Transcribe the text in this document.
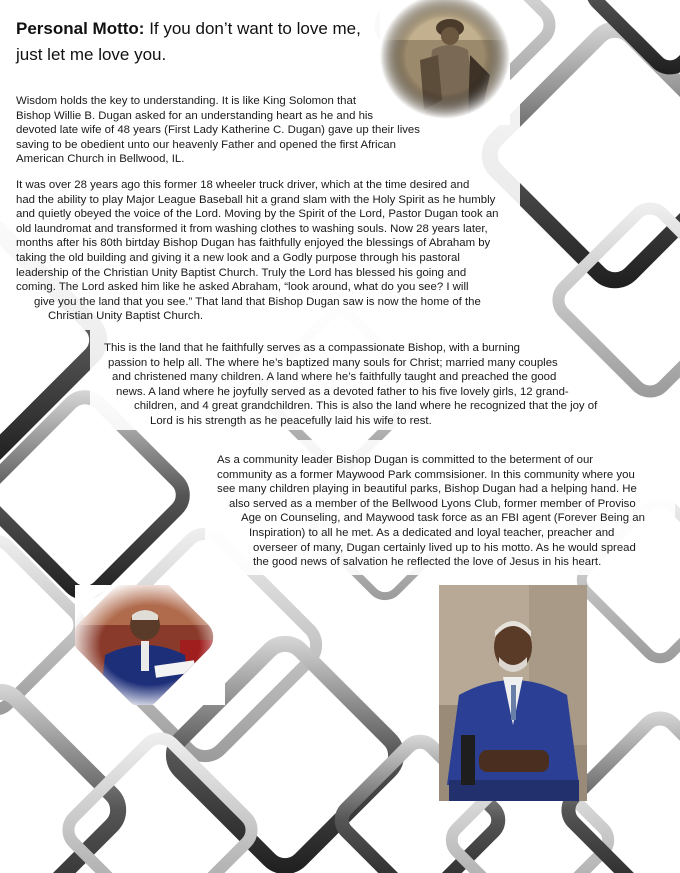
Personal Motto: If you don’t want to love me,
just let me love you.

Wisdom holds the key to understanding. It is like King Solomon that
Bishop Willie B. Dugan asked for an understanding heart as he and his
devoted late wife of 48 years (First Lady Katherine C. Dugan) gave up their lives
saving to be obedient unto our heavenly Father and opened the first African
American Church in Bellwood, IL.

It was over 28 years ago this former 18 wheeler truck driver, which at the time desired and
had the ability to play Major League Baseball hit a grand slam with the Holy Spirit as he humbly
and quietly obeyed the voice of the Lord. Moving by the Spirit of the Lord, Pastor Dugan took an
old laundromat and transformed it from washing clothes to washing souls. Now 28 years later,
months after his 80th birtday Bishop Dugan has faithfully enjoyed the blessings of Abraham by
taking the old building and giving it a new look and a Godly purpose through his pastoral
leadership of the Christian Unity Baptist Church. Truly the Lord has blessed his going and
coming. The Lord asked him like he asked Abraham, “look around, what do you see? I will
give you the land that you see.” That land that Bishop Dugan saw is now the home of the
Christian Unity Baptist Church.

This is the land that he faithfully serves as a compassionate Bishop, with a burning
passion to help all. The where he’s baptized many souls for Christ; married many couples
and christened many children. A land where he’s faithfully taught and preached the good
news. A land where he joyfully served as a devoted father to his five lovely girls, 12 grand-
children, and 4 great grandchildren. This is also the land where he recognized that the joy of
Lord is his strength as he peacefully laid his wife to rest.

As a community leader Bishop Dugan is committed to the beterment of our
community as a former Maywood Park commsisioner. In this community where you
see many children playing in beautiful parks, Bishop Dugan had a helping hand. He
also served as a member of the Bellwood Lyons Club, former member of Proviso
Age on Counseling, and Maywood task force as an FBI agent (Forever Being an
Inspiration) to all he met. As a dedicated and loyal teacher, preacher and
overseer of many, Dugan certainly lived up to his motto. As he would spread
the good news of salvation he reflected the love of Jesus in his heart.
